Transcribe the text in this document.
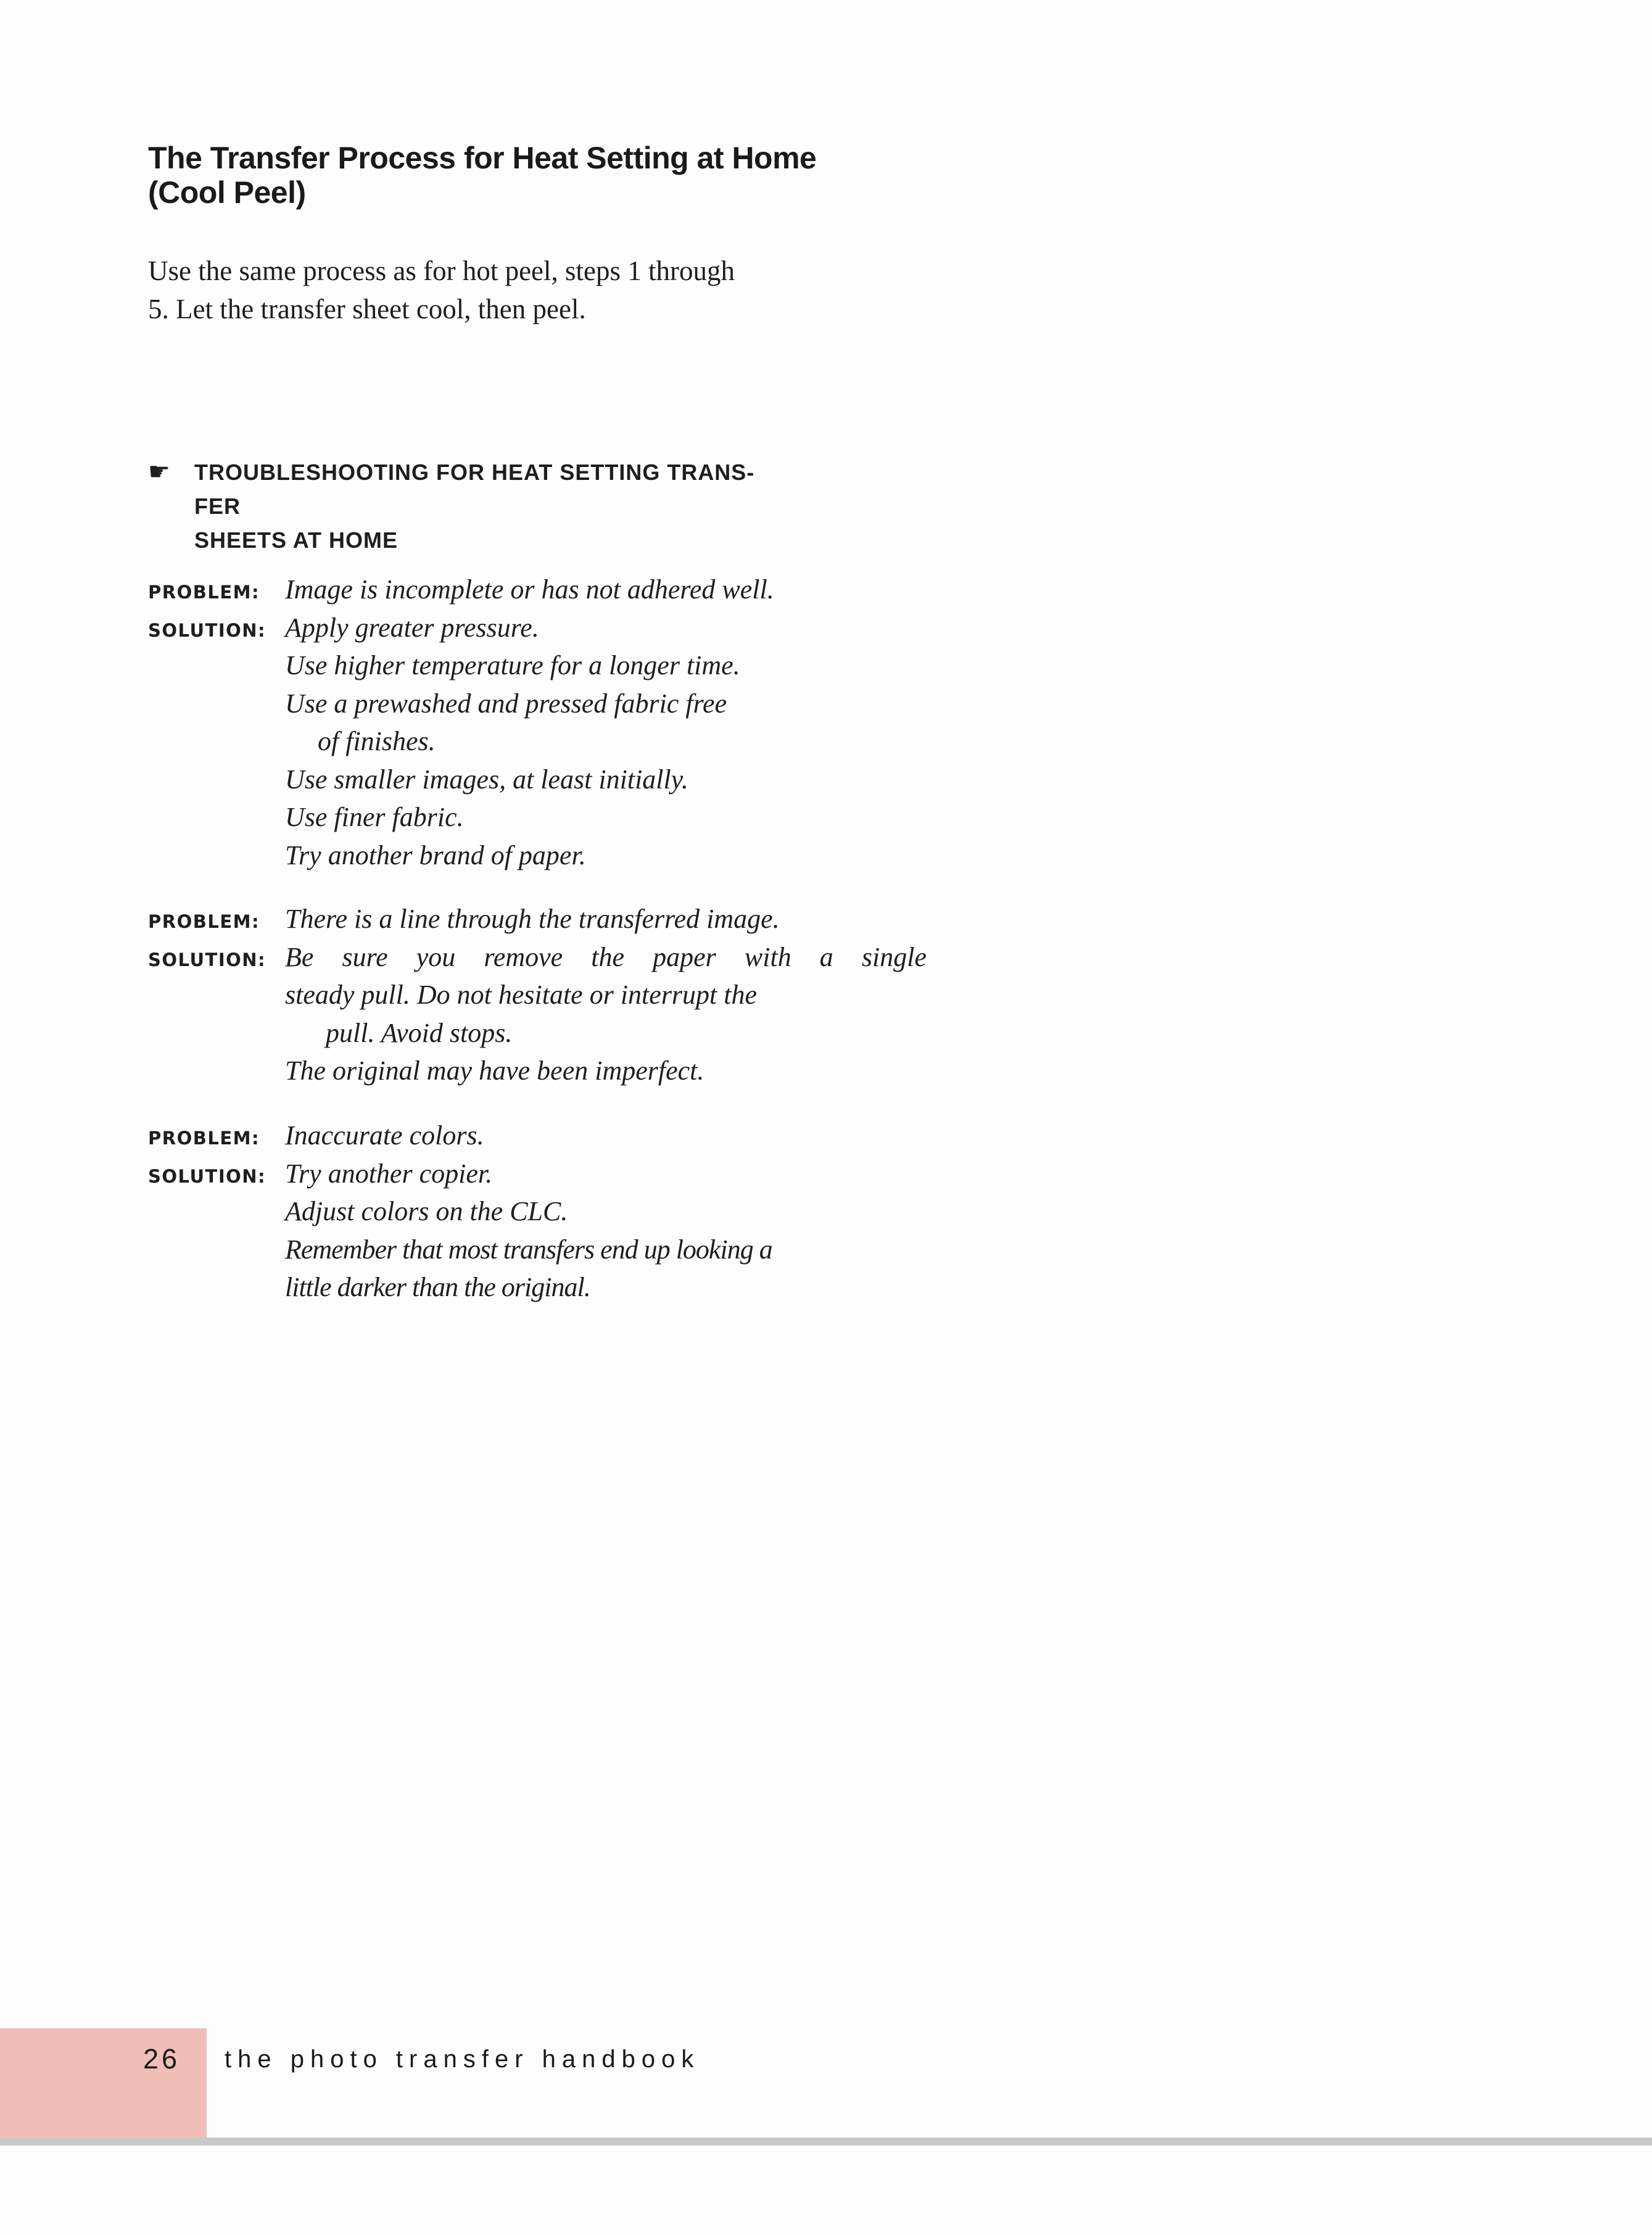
The Transfer Process for Heat Setting at Home (Cool Peel)
Use the same process as for hot peel, steps 1 through
5. Let the transfer sheet cool, then peel.
☛ TROUBLESHOOTING FOR HEAT SETTING TRANS-
FER
SHEETS AT HOME
PROBLEM: Image is incomplete or has not adhered well.
SOLUTION: Apply greater pressure.
Use higher temperature for a longer time.
Use a prewashed and pressed fabric free
of finishes.
Use smaller images, at least initially.
Use finer fabric.
Try another brand of paper.
PROBLEM: There is a line through the transferred image.
SOLUTION: Be sure you remove the paper with a single
steady pull. Do not hesitate or interrupt the
pull. Avoid stops.
The original may have been imperfect.
PROBLEM: Inaccurate colors.
SOLUTION: Try another copier.
Adjust colors on the CLC.
Remember that most transfers end up looking a
little darker than the original.
26 the photo transfer handbook
